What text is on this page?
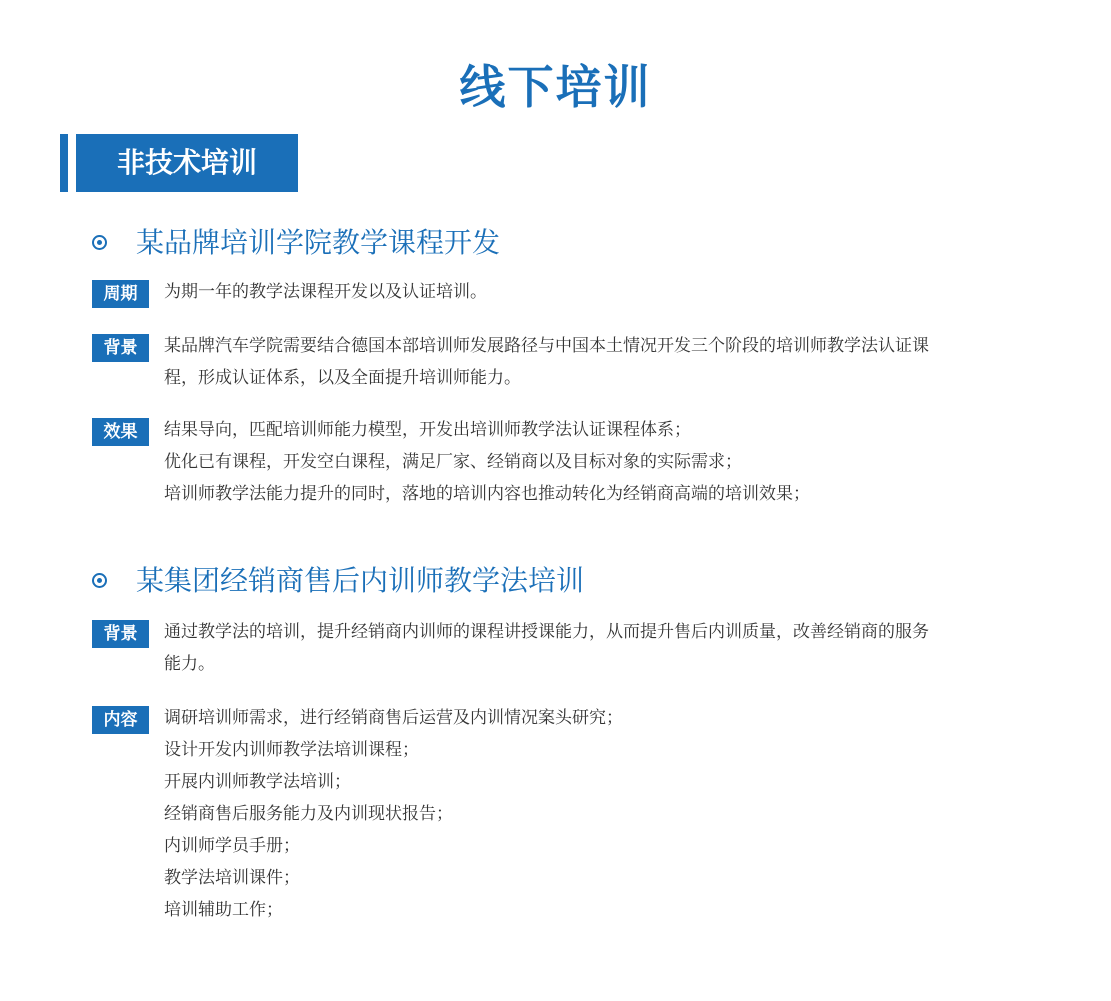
线下培训
非技术培训
某品牌培训学院教学课程开发
周期	为期一年的教学法课程开发以及认证培训。
背景	某品牌汽车学院需要结合德国本部培训师发展路径与中国本土情况开发三个阶段的培训师教学法认证课
程，形成认证体系，以及全面提升培训师能力。
效果	结果导向，匹配培训师能力模型，开发出培训师教学法认证课程体系；
优化已有课程，开发空白课程，满足厂家、经销商以及目标对象的实际需求；
培训师教学法能力提升的同时，落地的培训内容也推动转化为经销商高端的培训效果；
某集团经销商售后内训师教学法培训
背景	通过教学法的培训，提升经销商内训师的课程讲授课能力，从而提升售后内训质量，改善经销商的服务
能力。
内容	调研培训师需求，进行经销商售后运营及内训情况案头研究；
设计开发内训师教学法培训课程；
开展内训师教学法培训；
经销商售后服务能力及内训现状报告；
内训师学员手册；
教学法培训课件；
培训辅助工作；
